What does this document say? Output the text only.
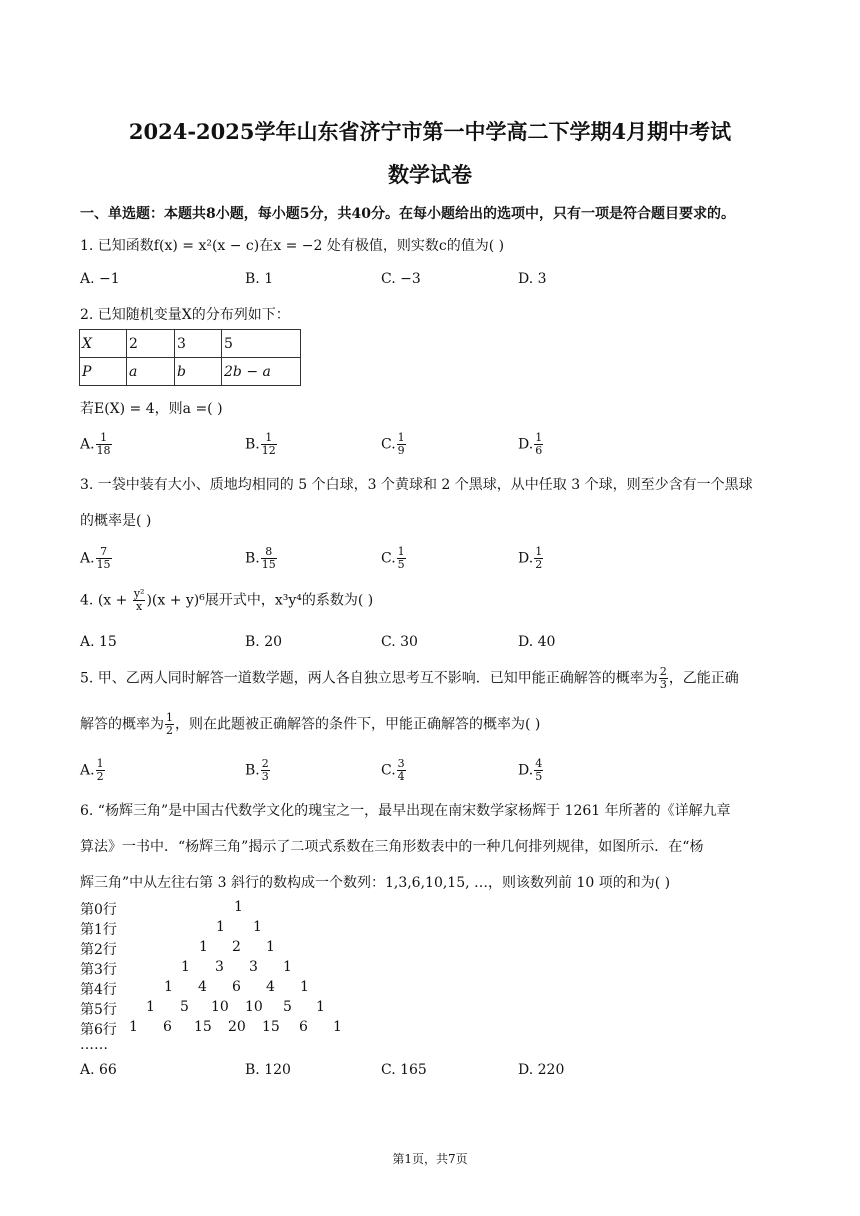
2024-2025学年山东省济宁市第一中学高二下学期4月期中考试
数学试卷
一、单选题：本题共8小题，每小题5分，共40分。在每小题给出的选项中，只有一项是符合题目要求的。
1. 已知函数f(x) = x²(x − c)在x = −2 处有极值，则实数c的值为( )
A. −1	B. 1	C. −3	D. 3
2. 已知随机变量X的分布列如下：
X	2	3	5
P	a	b	2b − a
若E(X) = 4，则a =( )
A. $\frac{1}{18}$	B. $\frac{1}{12}$	C. $\frac{1}{9}$	D. $\frac{1}{6}$
3. 一袋中装有大小、质地均相同的 5 个白球，3 个黄球和 2 个黑球，从中任取 3 个球，则至少含有一个黑球
的概率是( )
A. $\frac{7}{15}$	B. $\frac{8}{15}$	C. $\frac{1}{5}$	D. $\frac{1}{2}$
4. $(x + \frac{\text{y²}}{x} )(x + y)^6$展开式中，x³y⁴的系数为( )
A. 15	B. 20	C. 30	D. 40
5. 甲、乙两人同时解答一道数学题，两人各自独立思考互不影响．已知甲能正确解答的概率为 $\frac{2}{3}$ ，乙能正确
解答的概率为 $\frac{1}{2}$ ，则在此题被正确解答的条件下，甲能正确解答的概率为( )
A. $\frac{1}{2}$	B. $\frac{2}{3}$	C. $\frac{3}{4}$	D. $\frac{4}{5}$
6. “杨辉三角”是中国古代数学文化的瑰宝之一，最早出现在南宋数学家杨辉于 1261 年所著的《详解九章
算法》一书中．“杨辉三角”揭示了二项式系数在三角形数表中的一种几何排列规律，如图所示．在“杨
辉三角”中从左往右第 3 斜行的数构成一个数列：1,3,6,10,15, …，则该数列前 10 项的和为( )
第0行	1
第1行	1 1
第2行	1 2 1
第3行	1 3 3 1
第4行	1 4 6 4 1
第5行 1 5 10 10 5 1
第6行 1 6 15 20 15 6 1
……
A. 66	B. 120	C. 165	D. 220
第1页，共7页
